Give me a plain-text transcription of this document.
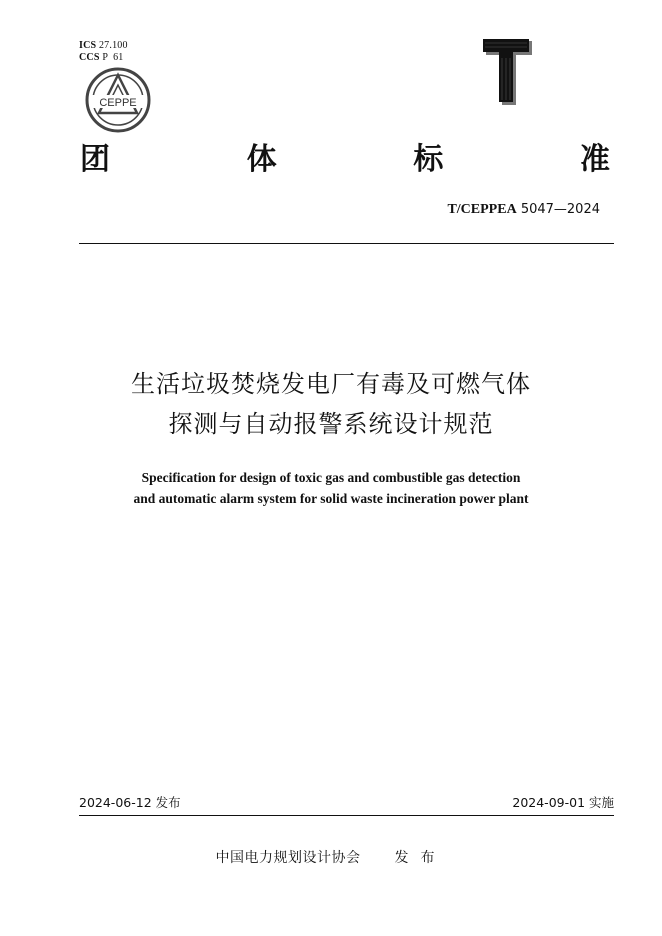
ICS 27.100
CCS P  61
CEPPE
团	体	标	准
T/CEPPEA 5047—2024
生活垃圾焚烧发电厂有毒及可燃气体
探测与自动报警系统设计规范
Specification for design of toxic gas and combustible gas detection
and automatic alarm system for solid waste incineration power plant
2024-06-12 发布	2024-09-01 实施
中国电力规划设计协会 发布
